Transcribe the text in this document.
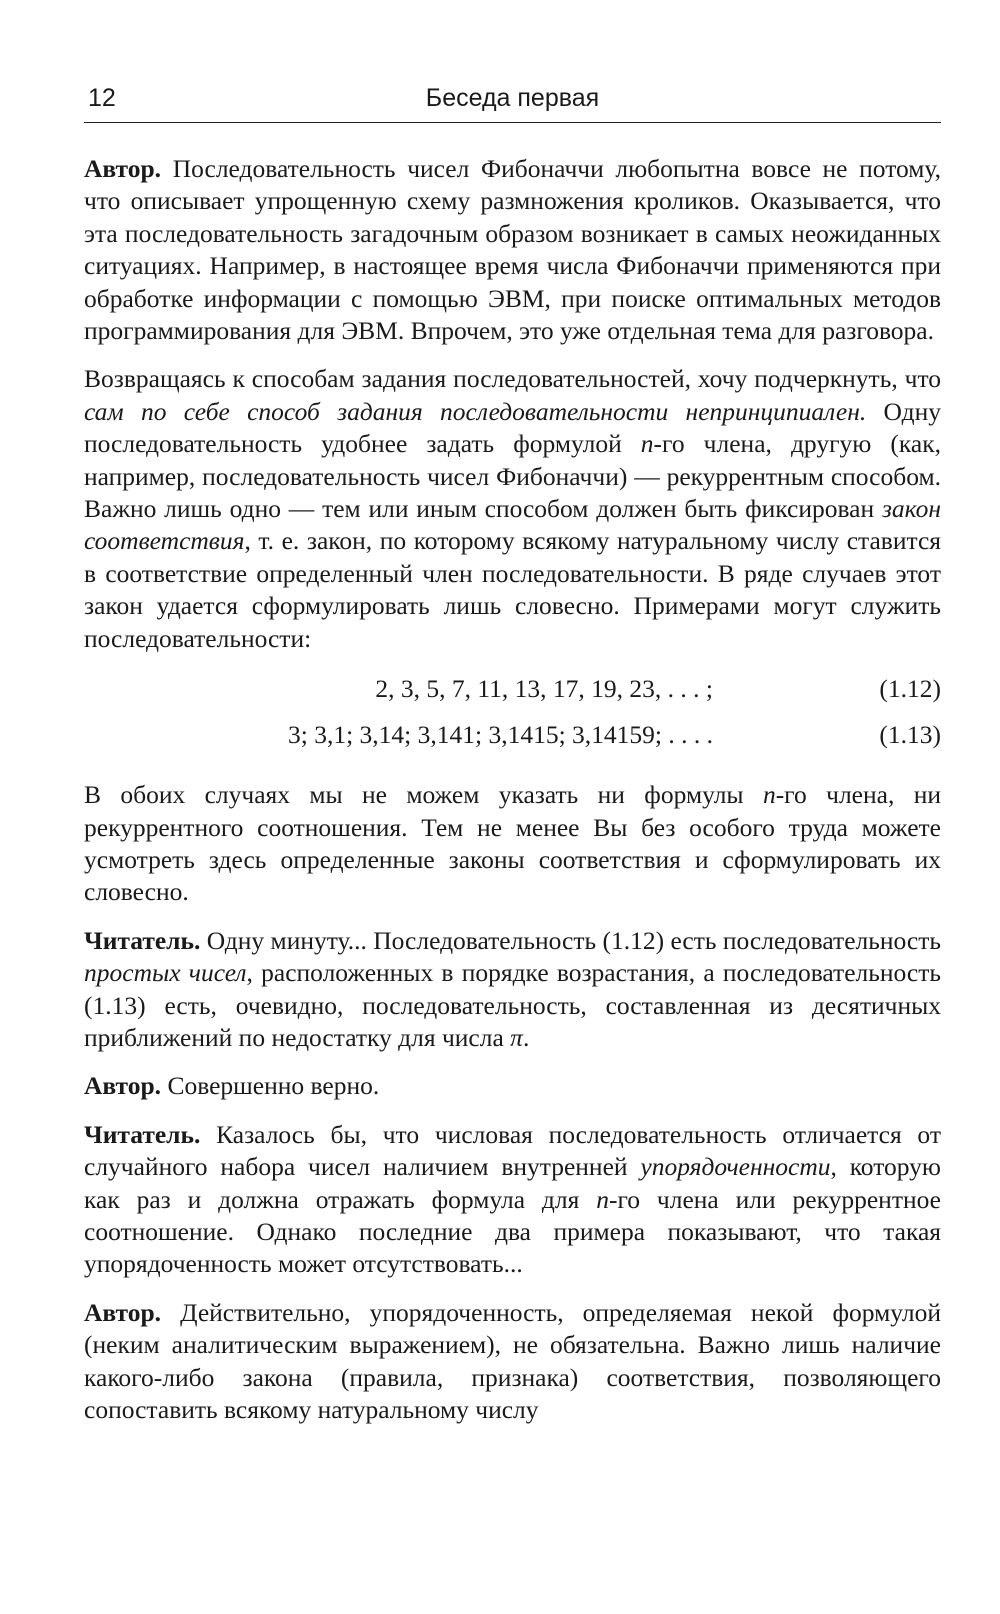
12	Беседа первая

Автор. Последовательность чисел Фибоначчи любопытна вовсе не потому, что описывает упрощенную схему размножения кроликов. Оказывается, что эта последовательность загадочным образом возникает в самых неожиданных ситуациях. Например, в настоящее время числа Фибоначчи применяются при обработке информации с помощью ЭВМ, при поиске оптимальных методов программирования для ЭВМ. Впрочем, это уже отдельная тема для разговора.

Возвращаясь к способам задания последовательностей, хочу подчеркнуть, что сам по себе способ задания последовательности непринципиален. Одну последовательность удобнее задать формулой n-го члена, другую (как, например, последовательность чисел Фибоначчи) — рекуррентным способом. Важно лишь одно — тем или иным способом должен быть фиксирован закон соответствия, т. е. закон, по которому всякому натуральному числу ставится в соответствие определенный член последовательности. В ряде случаев этот закон удается сформулировать лишь словесно. Примерами могут служить последовательности:

2, 3, 5, 7, 11, 13, 17, 19, 23, . . . ;	(1.12)
3; 3,1; 3,14; 3,141; 3,1415; 3,14159; . . . .	(1.13)

В обоих случаях мы не можем указать ни формулы n-го члена, ни рекуррентного соотношения. Тем не менее Вы без особого труда можете усмотреть здесь определенные законы соответствия и сформулировать их словесно.

Читатель. Одну минуту... Последовательность (1.12) есть последовательность простых чисел, расположенных в порядке возрастания, а последовательность (1.13) есть, очевидно, последовательность, составленная из десятичных приближений по недостатку для числа π.

Автор. Совершенно верно.

Читатель. Казалось бы, что числовая последовательность отличается от случайного набора чисел наличием внутренней упорядоченности, которую как раз и должна отражать формула для n-го члена или рекуррентное соотношение. Однако последние два примера показывают, что такая упорядоченность может отсутствовать...

Автор. Действительно, упорядоченность, определяемая некой формулой (неким аналитическим выражением), не обязательна. Важно лишь наличие какого-либо закона (правила, признака) соответствия, позволяющего сопоставить всякому натуральному числу
